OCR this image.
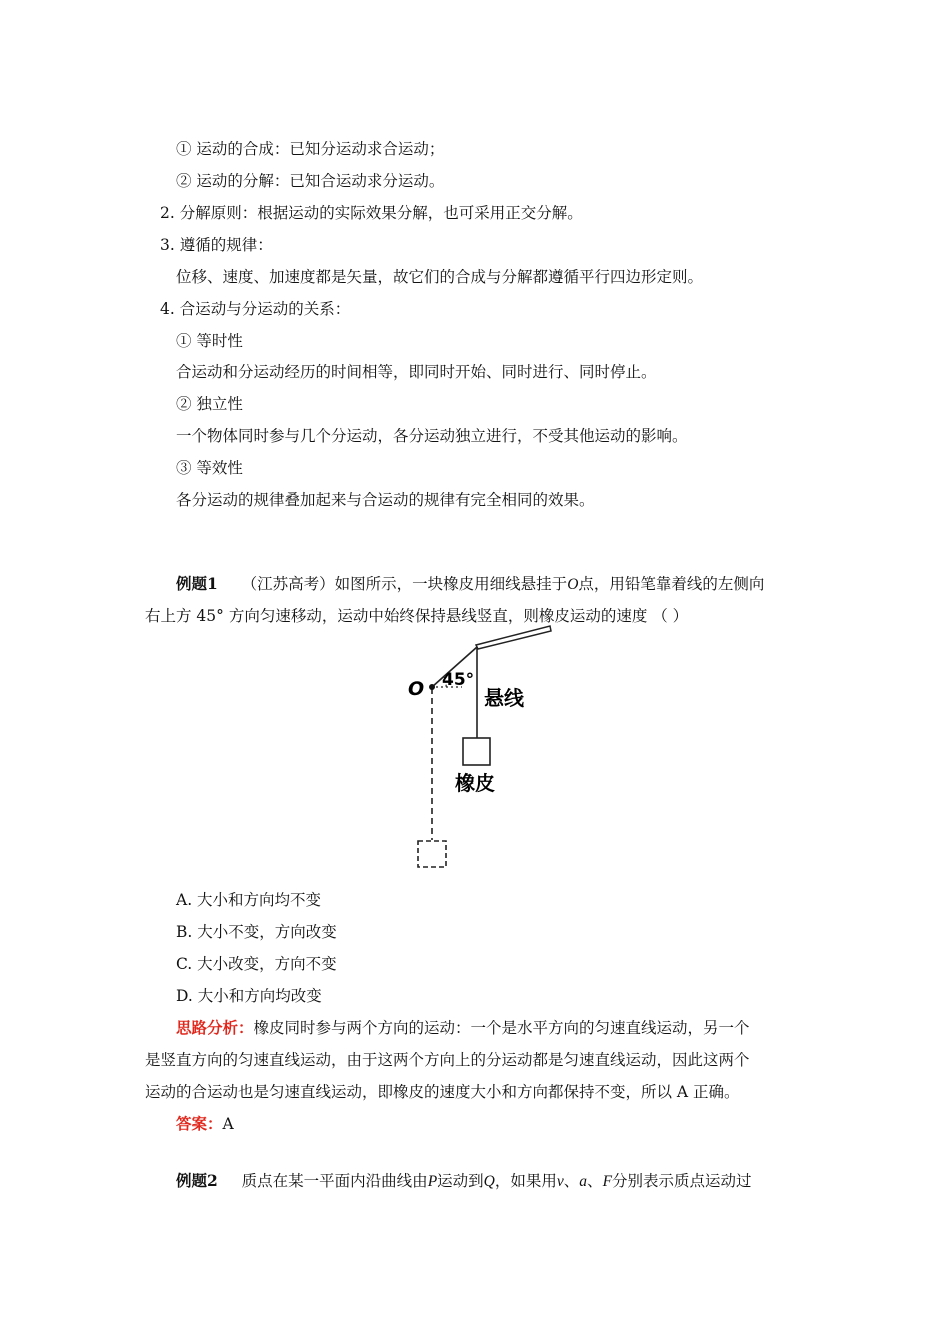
① 运动的合成：已知分运动求合运动；
② 运动的分解：已知合运动求分运动。
2. 分解原则：根据运动的实际效果分解，也可采用正交分解。
3. 遵循的规律：
位移、速度、加速度都是矢量，故它们的合成与分解都遵循平行四边形定则。
4. 合运动与分运动的关系：
① 等时性
合运动和分运动经历的时间相等，即同时开始、同时进行、同时停止。
② 独立性
一个物体同时参与几个分运动，各分运动独立进行，不受其他运动的影响。
③ 等效性
各分运动的规律叠加起来与合运动的规律有完全相同的效果。
例题1 （江苏高考）如图所示，一块橡皮用细线悬挂于O点，用铅笔靠着线的左侧向
右上方 45° 方向匀速移动，运动中始终保持悬线竖直，则橡皮运动的速度 （ ）
O 45°
悬线
橡皮
A. 大小和方向均不变
B. 大小不变，方向改变
C. 大小改变，方向不变
D. 大小和方向均改变
思路分析：橡皮同时参与两个方向的运动：一个是水平方向的匀速直线运动，另一个
是竖直方向的匀速直线运动，由于这两个方向上的分运动都是匀速直线运动，因此这两个
运动的合运动也是匀速直线运动，即橡皮的速度大小和方向都保持不变，所以 A 正确。
答案：A
例题2 质点在某一平面内沿曲线由P运动到Q，如果用v、a、F分别表示质点运动过
